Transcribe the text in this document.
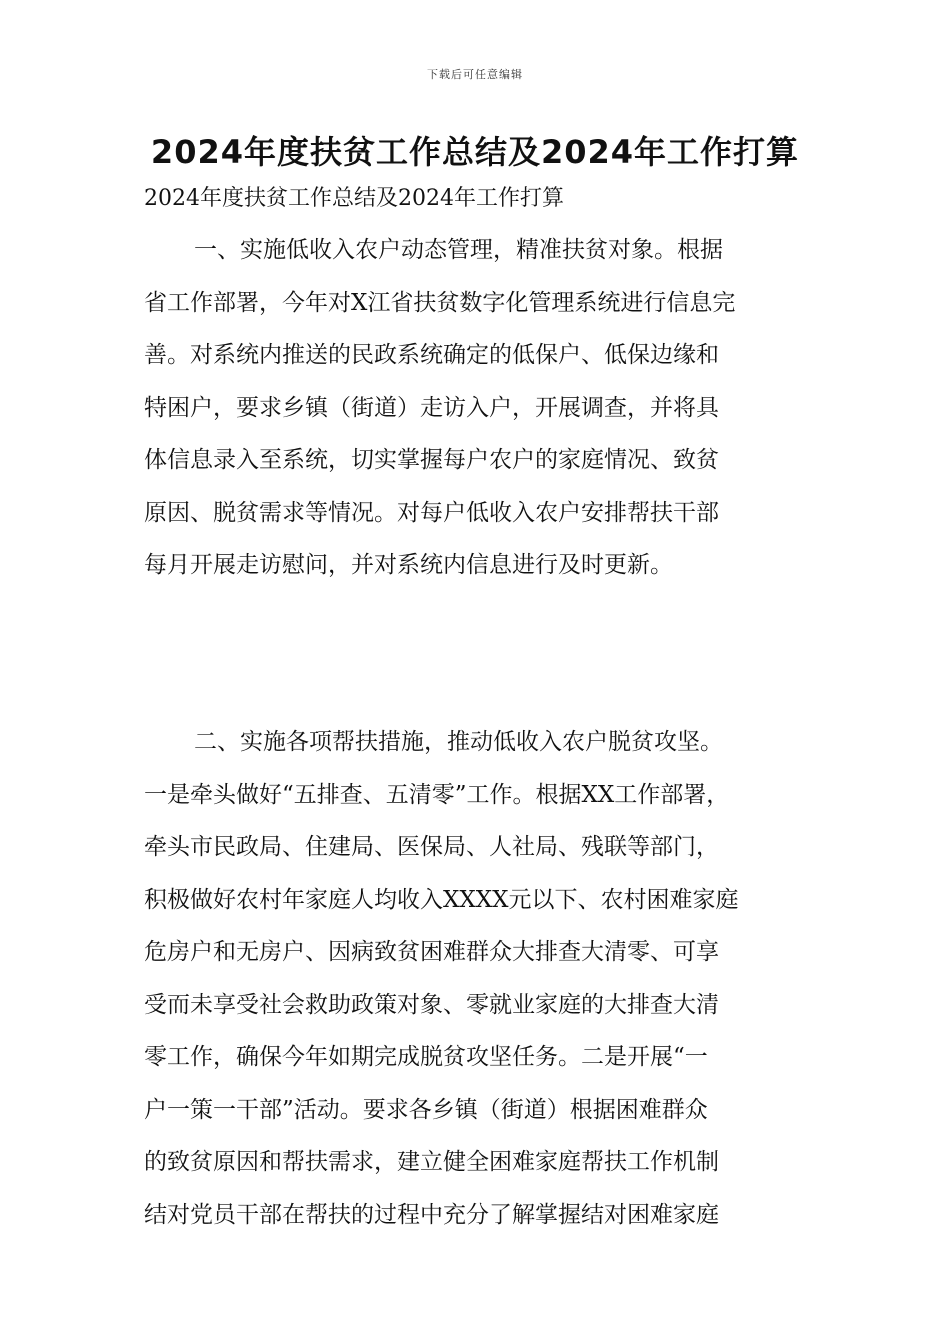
下载后可任意编辑
2024年度扶贫工作总结及2024年工作打算

2024年度扶贫工作总结及2024年工作打算

一、实施低收入农户动态管理，精准扶贫对象。根据
省工作部署，今年对X江省扶贫数字化管理系统进行信息完
善。对系统内推送的民政系统确定的低保户、低保边缘和
特困户，要求乡镇（街道）走访入户，开展调查，并将具
体信息录入至系统，切实掌握每户农户的家庭情况、致贫
原因、脱贫需求等情况。对每户低收入农户安排帮扶干部
每月开展走访慰问，并对系统内信息进行及时更新。
二、实施各项帮扶措施，推动低收入农户脱贫攻坚。
一是牵头做好“五排查、五清零”工作。根据XX工作部署，
牵头市民政局、住建局、医保局、人社局、残联等部门，
积极做好农村年家庭人均收入XXXX元以下、农村困难家庭
危房户和无房户、因病致贫困难群众大排查大清零、可享
受而未享受社会救助政策对象、零就业家庭的大排查大清
零工作，确保今年如期完成脱贫攻坚任务。二是开展“一
户一策一干部”活动。要求各乡镇（街道）根据困难群众
的致贫原因和帮扶需求，建立健全困难家庭帮扶工作机制
结对党员干部在帮扶的过程中充分了解掌握结对困难家庭
